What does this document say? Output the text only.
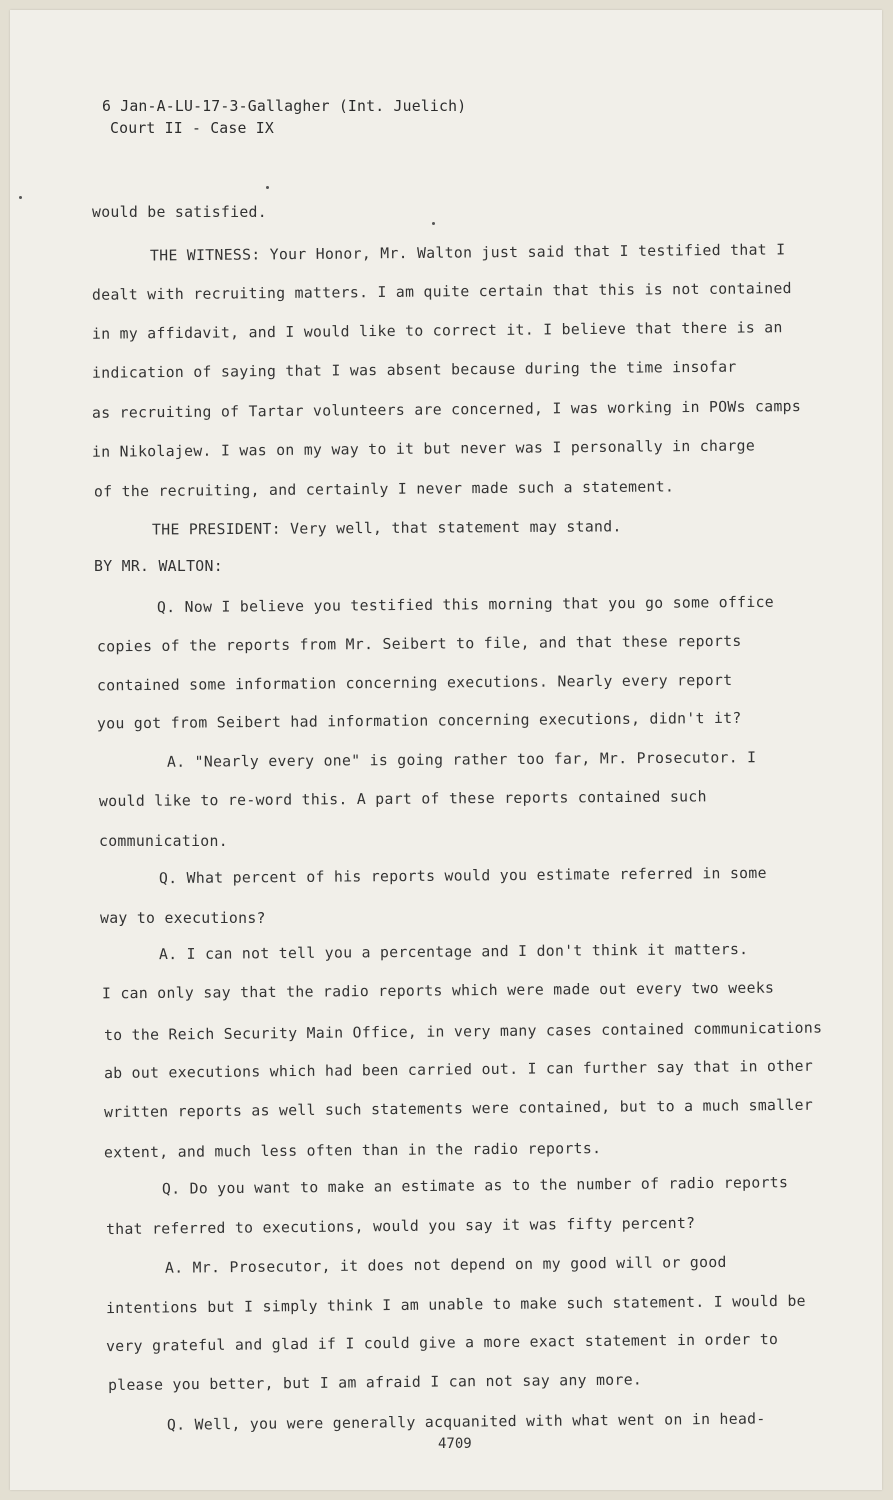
6 Jan-A-LU-17-3-Gallagher (Int. Juelich)
Court II - Case IX
would be satisfied.
THE WITNESS: Your Honor, Mr. Walton just said that I testified that I
dealt with recruiting matters. I am quite certain that this is not contained
in my affidavit, and I would like to correct it. I believe that there is an
indication of saying that I was absent because during the time insofar
as recruiting of Tartar volunteers are concerned, I was working in POWs camps
in Nikolajew. I was on my way to it but never was I personally in charge
of the recruiting, and certainly I never made such a statement.
THE PRESIDENT: Very well, that statement may stand.
BY MR. WALTON:
Q. Now I believe you testified this morning that you go some office
copies of the reports from Mr. Seibert to file, and that these reports
contained some information concerning executions. Nearly every report
you got from Seibert had information concerning executions, didn't it?
A. "Nearly every one" is going rather too far, Mr. Prosecutor. I
would like to re-word this. A part of these reports contained such
communication.
Q. What percent of his reports would you estimate referred in some
way to executions?
A. I can not tell you a percentage and I don't think it matters.
I can only say that the radio reports which were made out every two weeks
to the Reich Security Main Office, in very many cases contained communications
ab out executions which had been carried out. I can further say that in other
written reports as well such statements were contained, but to a much smaller
extent, and much less often than in the radio reports.
Q. Do you want to make an estimate as to the number of radio reports
that referred to executions, would you say it was fifty percent?
A. Mr. Prosecutor, it does not depend on my good will or good
intentions but I simply think I am unable to make such statement. I would be
very grateful and glad if I could give a more exact statement in order to
please you better, but I am afraid I can not say any more.
Q. Well, you were generally acquanited with what went on in head-
4709
